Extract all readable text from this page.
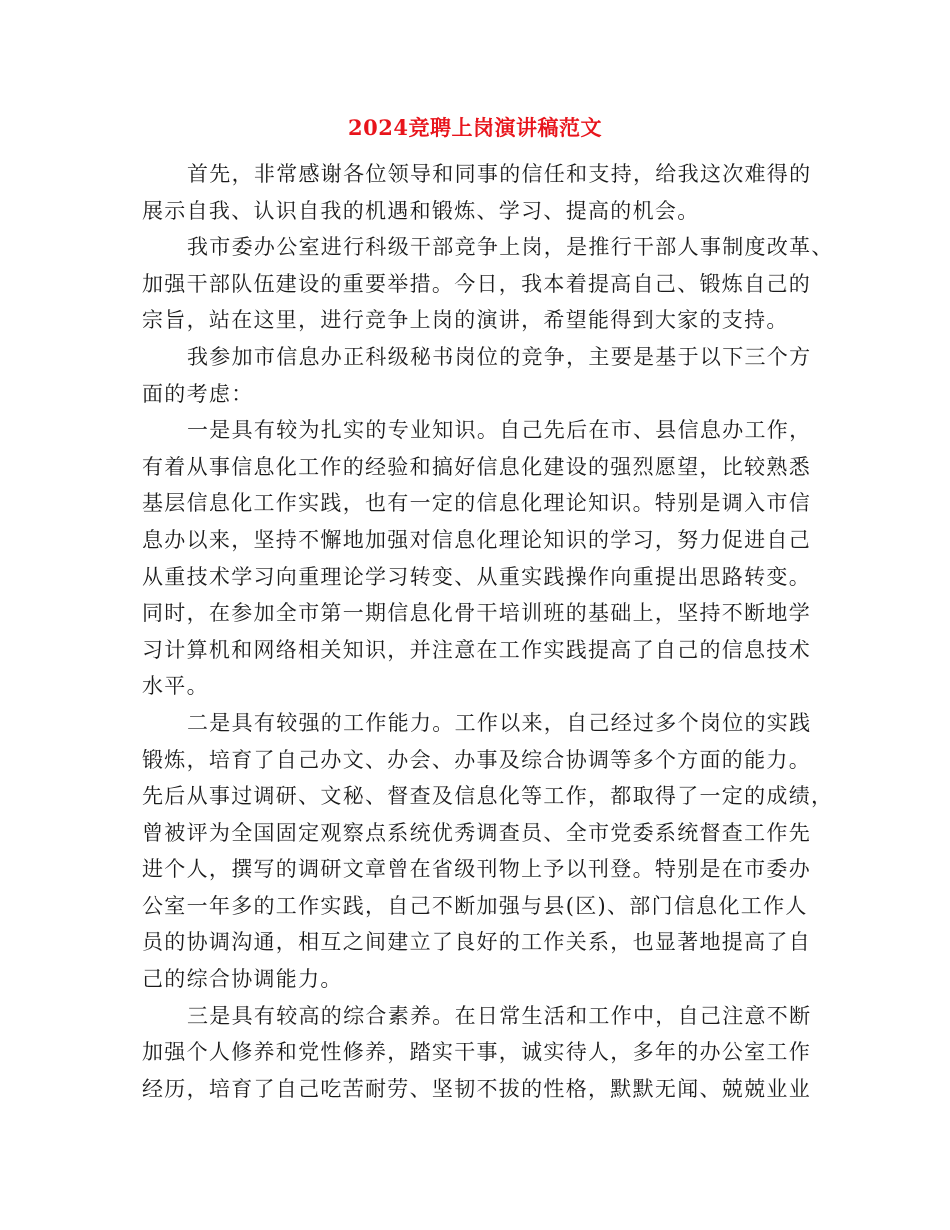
2024竞聘上岗演讲稿范文
首先，非常感谢各位领导和同事的信任和支持，给我这次难得的
展示自我、认识自我的机遇和锻炼、学习、提高的机会。
我市委办公室进行科级干部竞争上岗，是推行干部人事制度改革、
加强干部队伍建设的重要举措。今日，我本着提高自己、锻炼自己的
宗旨，站在这里，进行竞争上岗的演讲，希望能得到大家的支持。
我参加市信息办正科级秘书岗位的竞争，主要是基于以下三个方
面的考虑：
一是具有较为扎实的专业知识。自己先后在市、县信息办工作，
有着从事信息化工作的经验和搞好信息化建设的强烈愿望，比较熟悉
基层信息化工作实践，也有一定的信息化理论知识。特别是调入市信
息办以来，坚持不懈地加强对信息化理论知识的学习，努力促进自己
从重技术学习向重理论学习转变、从重实践操作向重提出思路转变。
同时，在参加全市第一期信息化骨干培训班的基础上，坚持不断地学
习计算机和网络相关知识，并注意在工作实践提高了自己的信息技术
水平。
二是具有较强的工作能力。工作以来，自己经过多个岗位的实践
锻炼，培育了自己办文、办会、办事及综合协调等多个方面的能力。
先后从事过调研、文秘、督查及信息化等工作，都取得了一定的成绩，
曾被评为全国固定观察点系统优秀调查员、全市党委系统督查工作先
进个人，撰写的调研文章曾在省级刊物上予以刊登。特别是在市委办
公室一年多的工作实践，自己不断加强与县(区)、部门信息化工作人
员的协调沟通，相互之间建立了良好的工作关系，也显著地提高了自
己的综合协调能力。
三是具有较高的综合素养。在日常生活和工作中，自己注意不断
加强个人修养和党性修养，踏实干事，诚实待人，多年的办公室工作
经历，培育了自己吃苦耐劳、坚韧不拔的性格，默默无闻、兢兢业业
